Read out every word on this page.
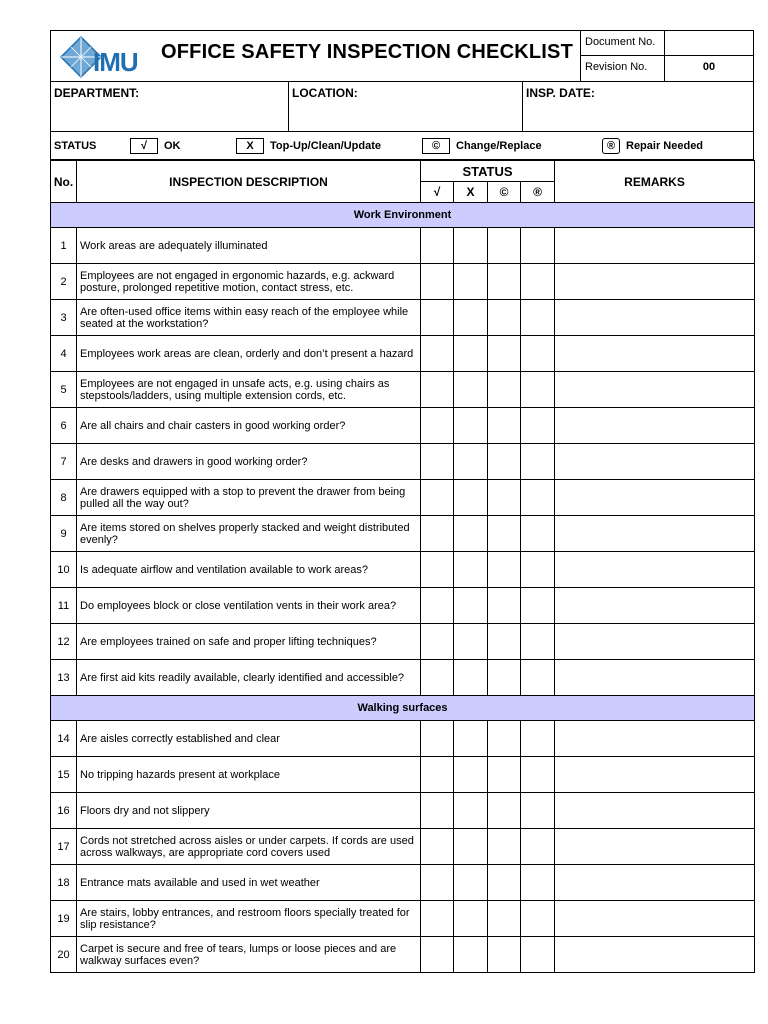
IMU OFFICE SAFETY INSPECTION CHECKLIST	Document No.
Revision No.	00
DEPARTMENT:	LOCATION:	INSP. DATE:
STATUS	√	OK	X	Top-Up/Clean/Update	©	Change/Replace	® Repair Needed
No.	INSPECTION DESCRIPTION	STATUS				REMARKS
		√	X	©	®	
Work Environment						
1	Work areas are adequately illuminated					
2	Employees are not engaged in ergonomic hazards, e.g. ackward posture, prolonged repetitive motion, contact stress, etc.					
3	Are often-used office items within easy reach of the employee while seated at the workstation?					
4	Employees work areas are clean, orderly and don’t present a hazard					
5	Employees are not engaged in unsafe acts, e.g. using chairs as stepstools/ladders, using multiple extension cords, etc.					
6	Are all chairs and chair casters in good working order?					
7	Are desks and drawers in good working order?					
8	Are drawers equipped with a stop to prevent the drawer from being pulled all the way out?					
9	Are items stored on shelves properly stacked and weight distributed evenly?					
10	Is adequate airflow and ventilation available to work areas?					
11	Do employees block or close ventilation vents in their work area?					
12	Are employees trained on safe and proper lifting techniques?					
13	Are first aid kits readily available, clearly identified and accessible?					
Walking surfaces						
14	Are aisles correctly established and clear					
15	No tripping hazards present at workplace					
16	Floors dry and not slippery					
17	Cords not stretched across aisles or under carpets. If cords are used across walkways, are appropriate cord covers used					
18	Entrance mats available and used in wet weather					
19	Are stairs, lobby entrances, and restroom floors specially treated for slip resistance?					
20	Carpet is secure and free of tears, lumps or loose pieces and are walkway surfaces even?					
